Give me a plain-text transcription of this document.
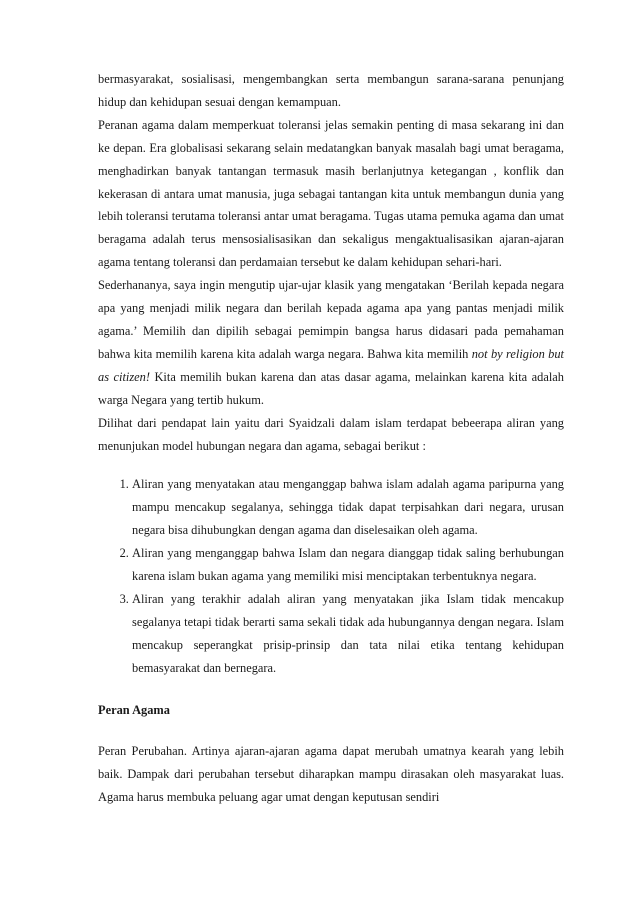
bermasyarakat, sosialisasi, mengembangkan serta membangun sarana-sarana penunjang hidup dan kehidupan sesuai dengan kemampuan.

Peranan agama dalam memperkuat toleransi jelas semakin penting di masa sekarang ini dan ke depan. Era globalisasi sekarang selain medatangkan banyak masalah bagi umat beragama, menghadirkan banyak tantangan termasuk masih berlanjutnya ketegangan , konflik dan kekerasan di antara umat manusia, juga sebagai tantangan kita untuk membangun dunia yang lebih toleransi terutama toleransi antar umat beragama. Tugas utama pemuka agama dan umat beragama adalah terus mensosialisasikan dan sekaligus mengaktualisasikan ajaran-ajaran agama tentang toleransi dan perdamaian tersebut ke dalam kehidupan sehari-hari.

Sederhananya, saya ingin mengutip ujar-ujar klasik yang mengatakan ‘Berilah kepada negara apa yang menjadi milik negara dan berilah kepada agama apa yang pantas menjadi milik agama.’ Memilih dan dipilih sebagai pemimpin bangsa harus didasari pada pemahaman bahwa kita memilih karena kita adalah warga negara. Bahwa kita memilih not by religion but as citizen! Kita memilih bukan karena dan atas dasar agama, melainkan karena kita adalah warga Negara yang tertib hukum.

Dilihat dari pendapat lain yaitu dari Syaidzali dalam islam terdapat bebeerapa aliran yang menunjukan model hubungan negara dan agama, sebagai berikut :

1. Aliran yang menyatakan atau menganggap bahwa islam adalah agama paripurna yang mampu mencakup segalanya, sehingga tidak dapat terpisahkan dari negara, urusan negara bisa dihubungkan dengan agama dan diselesaikan oleh agama.
2. Aliran yang menganggap bahwa Islam dan negara dianggap tidak saling berhubungan karena islam bukan agama yang memiliki misi menciptakan terbentuknya negara.
3. Aliran yang terakhir adalah aliran yang menyatakan jika Islam tidak mencakup segalanya tetapi tidak berarti sama sekali tidak ada hubungannya dengan negara. Islam mencakup seperangkat prisip-prinsip dan tata nilai etika tentang kehidupan bemasyarakat dan bernegara.

Peran Agama

Peran Perubahan. Artinya ajaran-ajaran agama dapat merubah umatnya kearah yang lebih baik. Dampak dari perubahan tersebut diharapkan mampu dirasakan oleh masyarakat luas. Agama harus membuka peluang agar umat dengan keputusan sendiri
